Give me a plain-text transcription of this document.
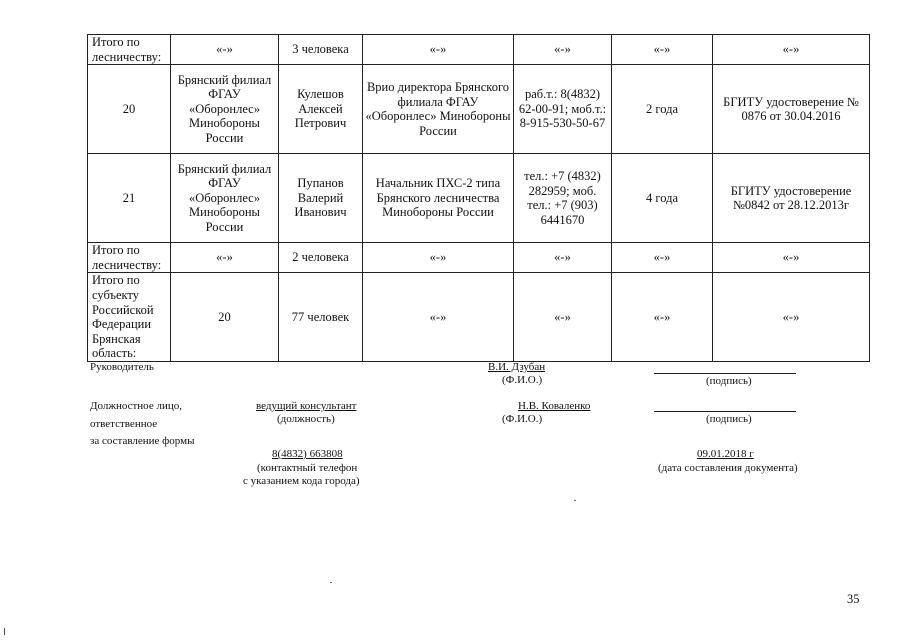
Итого по лесничеству:	«-»	3 человека	«-»	«-»	«-»	«-»
20	Брянский филиал ФГАУ «Оборонлес» Минобороны России	Кулешов Алексей Петрович	Врио директора Брянского филиала ФГАУ «Оборонлес» Минобороны России	раб.т.: 8(4832) 62-00-91; моб.т.: 8-915-530-50-67	2 года	БГИТУ удостоверение № 0876 от 30.04.2016
21	Брянский филиал ФГАУ «Оборонлес» Минобороны России	Пупанов Валерий Иванович	Начальник ПХС-2 типа Брянского лесничества Минобороны России	тел.: +7 (4832) 282959; моб. тел.: +7 (903) 6441670	4 года	БГИТУ удостоверение №0842 от 28.12.2013г
Итого по лесничеству:	«-»	2 человека	«-»	«-»	«-»	«-»
Итого по субъекту Российской Федерации Брянская область:	20	77 человек	«-»	«-»	«-»	«-»
Руководитель	В.И. Дзубан
(Ф.И.О.)	(подпись)
Должностное лицо,
ответственное
за составление формы
ведущий консультант
(должность)
Н.В. Коваленко
(Ф.И.О.)	(подпись)
8(4832) 663808
(контактный телефон
с указанием кода города)
09.01.2018 г
(дата составления документа)
35
